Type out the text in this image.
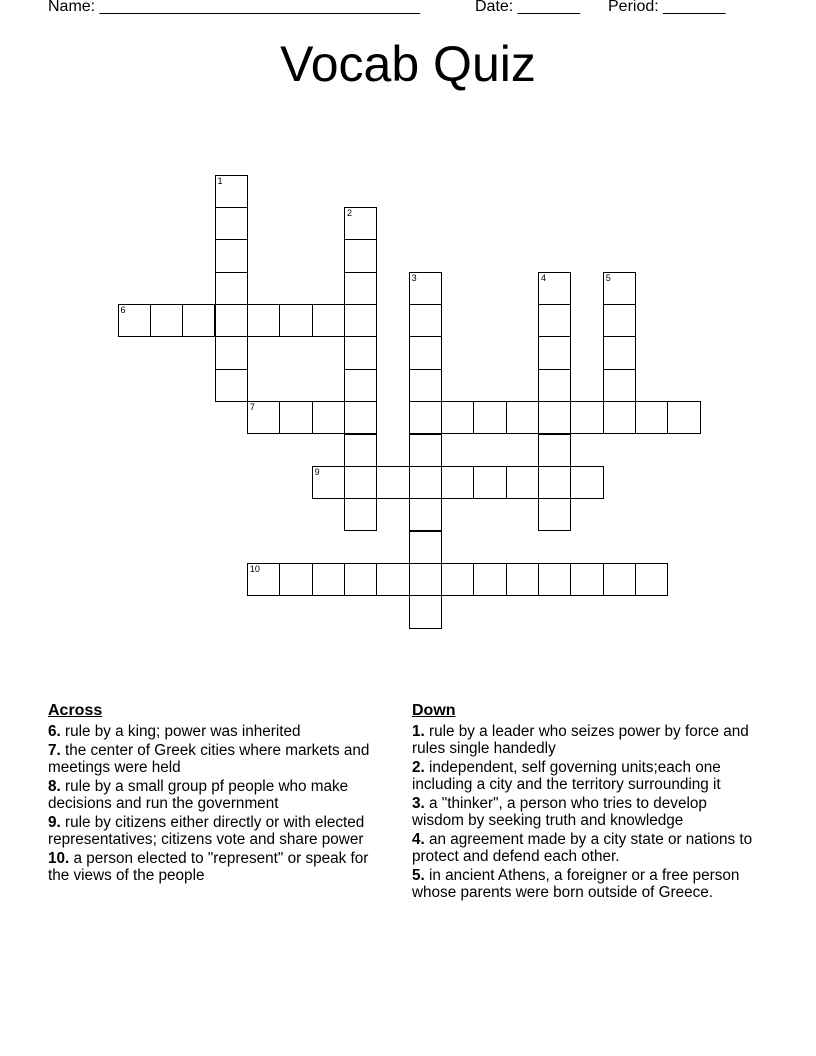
Name: ____________________________________	Date: _______ Period: _______
Vocab Quiz
1
2
3	4	5
6
7
9
10
Across
6. rule by a king; power was inherited
7. the center of Greek cities where markets and meetings were held
8. rule by a small group pf people who make decisions and run the government
9. rule by citizens either directly or with elected representatives; citizens vote and share power
10. a person elected to "represent" or speak for the views of the people
Down
1. rule by a leader who seizes power by force and rules single handedly
2. independent, self governing units;each one including a city and the territory surrounding it
3. a "thinker", a person who tries to develop wisdom by seeking truth and knowledge
4. an agreement made by a city state or nations to protect and defend each other.
5. in ancient Athens, a foreigner or a free person whose parents were born outside of Greece.
